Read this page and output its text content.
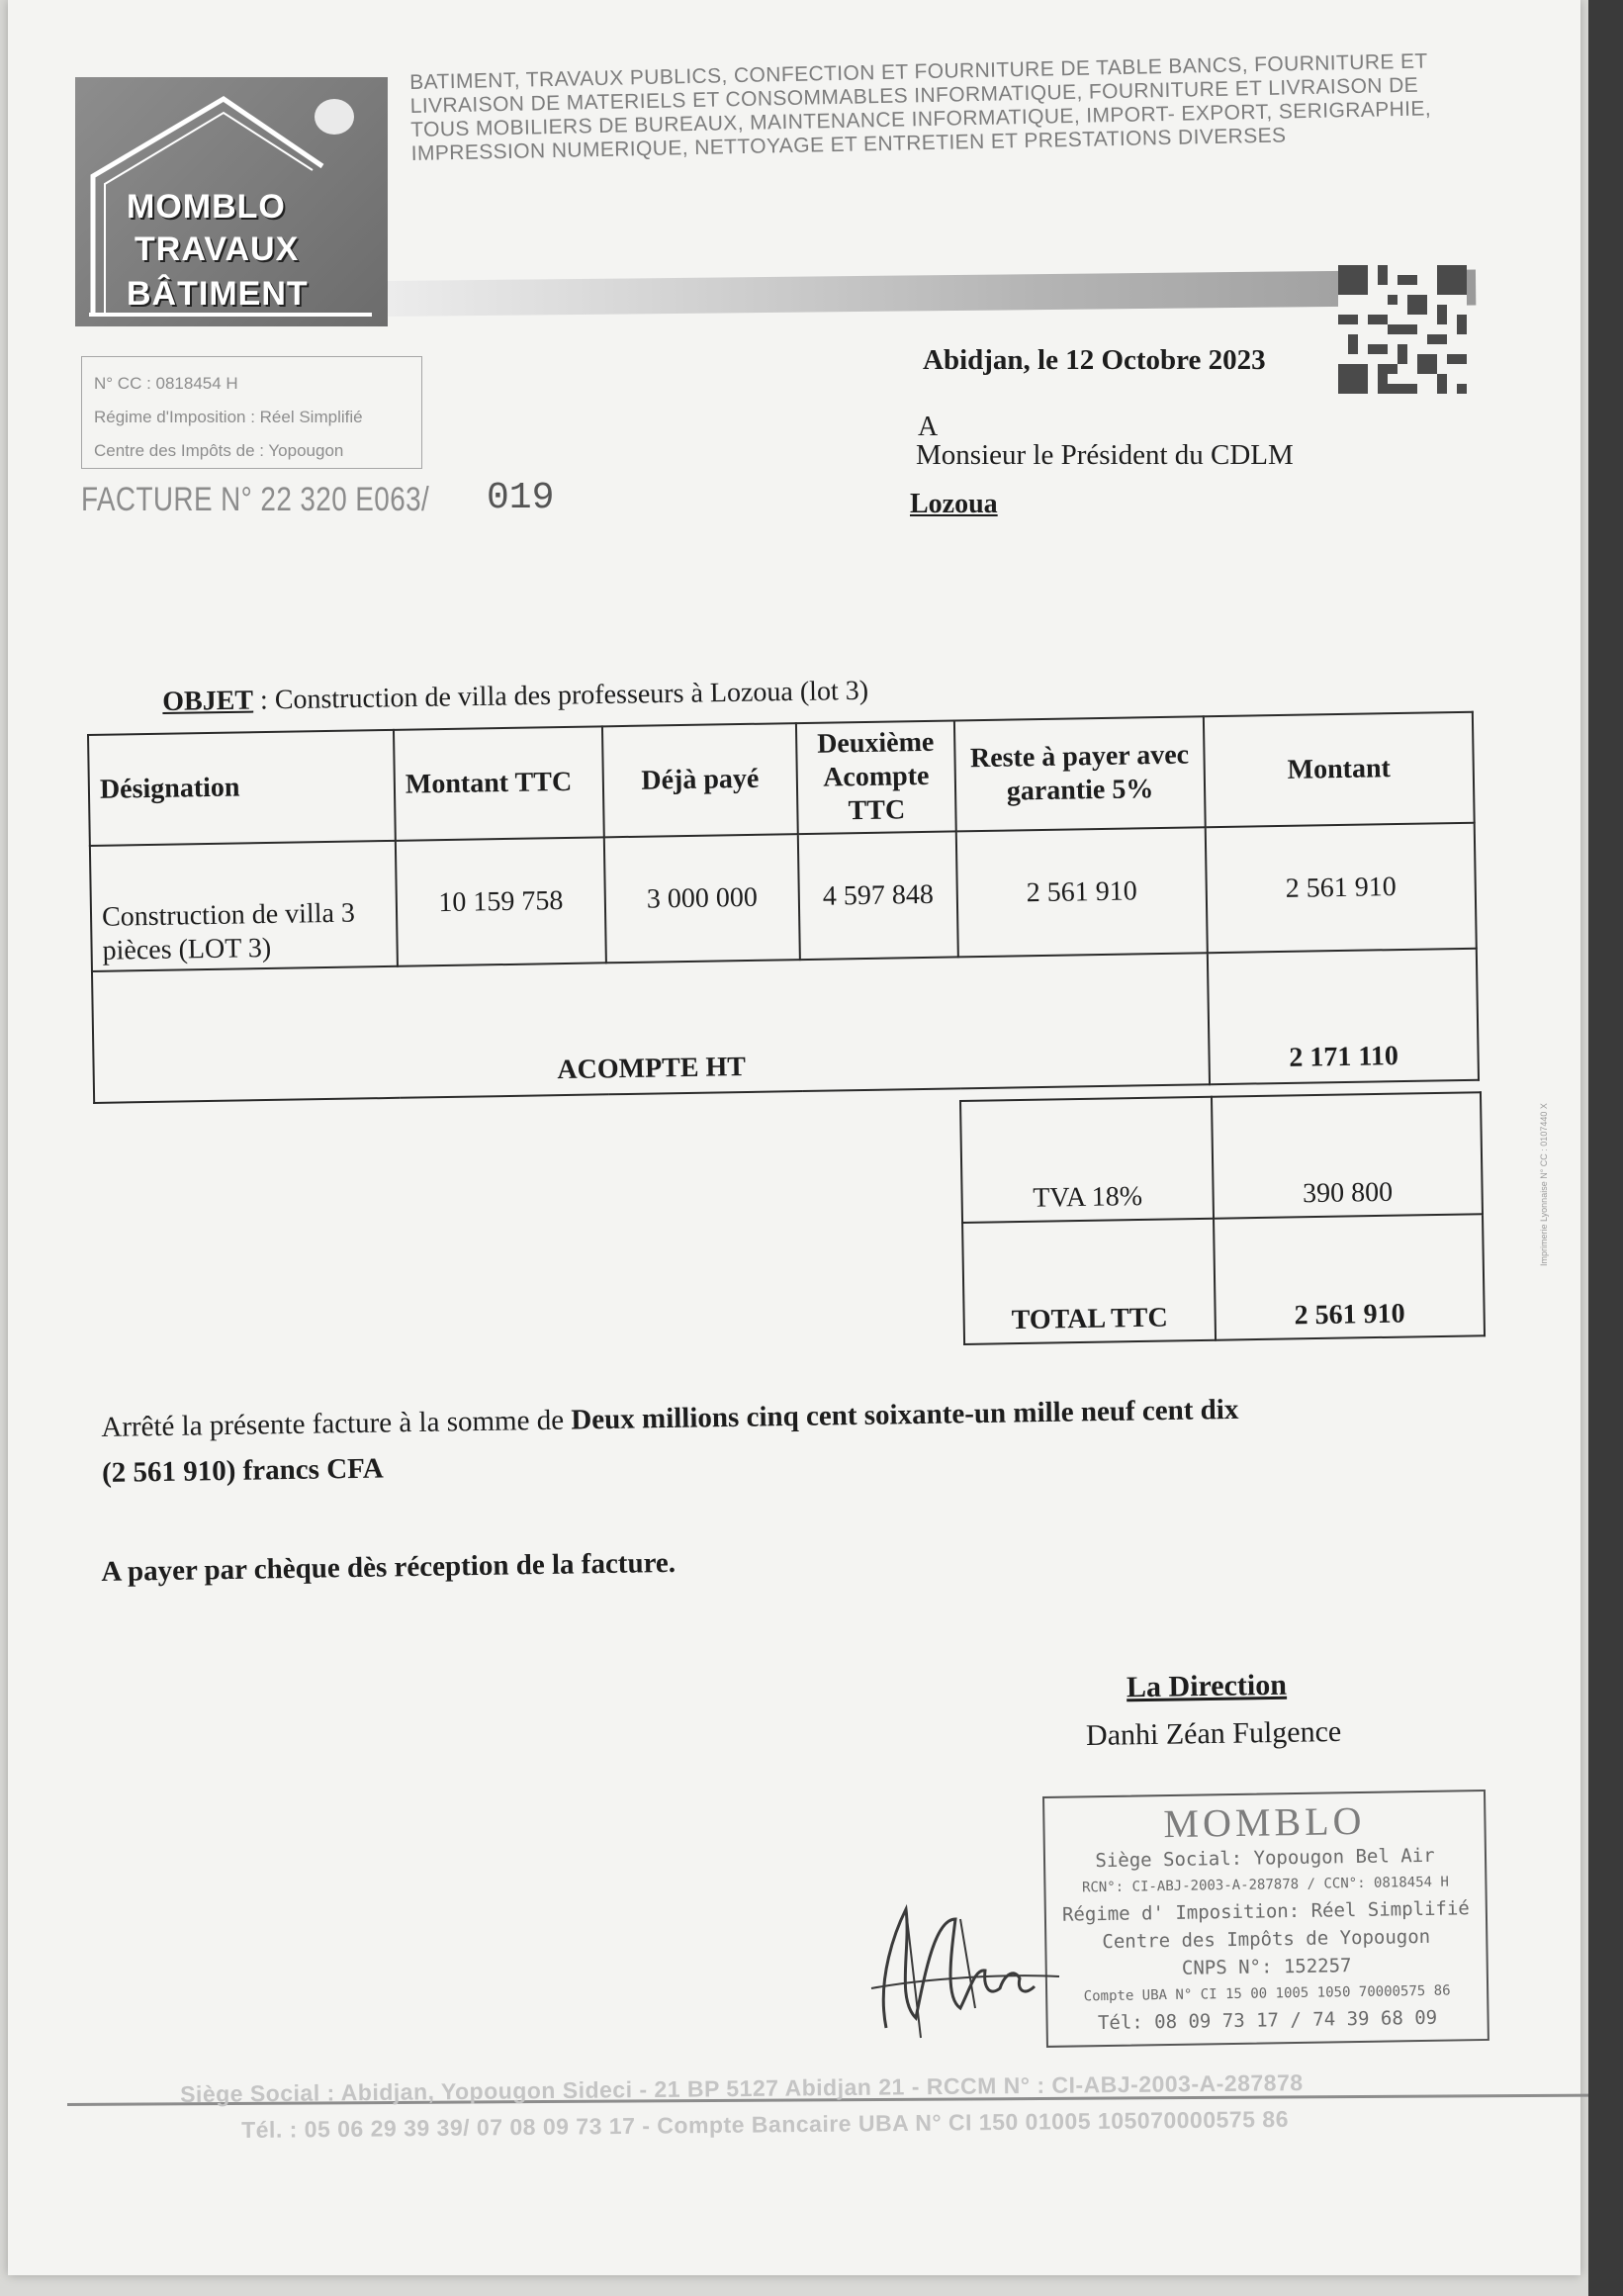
MOMBLO
TRAVAUX
BÂTIMENT
BATIMENT, TRAVAUX PUBLICS, CONFECTION ET FOURNITURE DE TABLE BANCS, FOURNITURE ET LIVRAISON DE MATERIELS ET CONSOMMABLES INFORMATIQUE, FOURNITURE ET LIVRAISON DE TOUS MOBILIERS DE BUREAUX, MAINTENANCE INFORMATIQUE, IMPORT- EXPORT, SERIGRAPHIE, IMPRESSION NUMERIQUE, NETTOYAGE ET ENTRETIEN ET PRESTATIONS DIVERSES
N° CC : 0818454 H
Régime d'Imposition : Réel Simplifié
Centre des Impôts de : Yopougon
FACTURE N° 22 320 E063/ 019
Abidjan, le 12 Octobre 2023
A
Monsieur le Président du CDLM
Lozoua
OBJET : Construction de villa des professeurs à Lozoua (lot 3)
Désignation	Montant TTC	Déjà payé	Deuxième Acompte TTC	Reste à payer avec garantie 5%	Montant
Construction de villa 3 pièces (LOT 3)	10 159 758	3 000 000	4 597 848	2 561 910	2 561 910
ACOMPTE HT					2 171 110
TVA 18%	390 800
TOTAL TTC	2 561 910
Arrêté la présente facture à la somme de Deux millions cinq cent soixante-un mille neuf cent dix
(2 561 910) francs CFA
A payer par chèque dès réception de la facture.
La Direction
Danhi Zéan Fulgence
MOMBLO
Siège Social: Yopougon Bel Air
RCN°: CI-ABJ-2003-A-287878 / CCN°: 0818454 H
Régime d' Imposition: Réel Simplifié
Centre des Impôts de Yopougon
CNPS N°: 152257
Compte UBA N° CI 15 00 1005 1050 70000575 86
Tél: 08 09 73 17 / 74 39 68 09
Siège Social : Abidjan, Yopougon Sideci - 21 BP 5127 Abidjan 21 - RCCM N° : CI-ABJ-2003-A-287878
Tél. : 05 06 29 39 39/ 07 08 09 73 17 - Compte Bancaire UBA N° CI 150 01005 105070000575 86
Imprimerie Lyonnaise N° CC : 0107440 X
